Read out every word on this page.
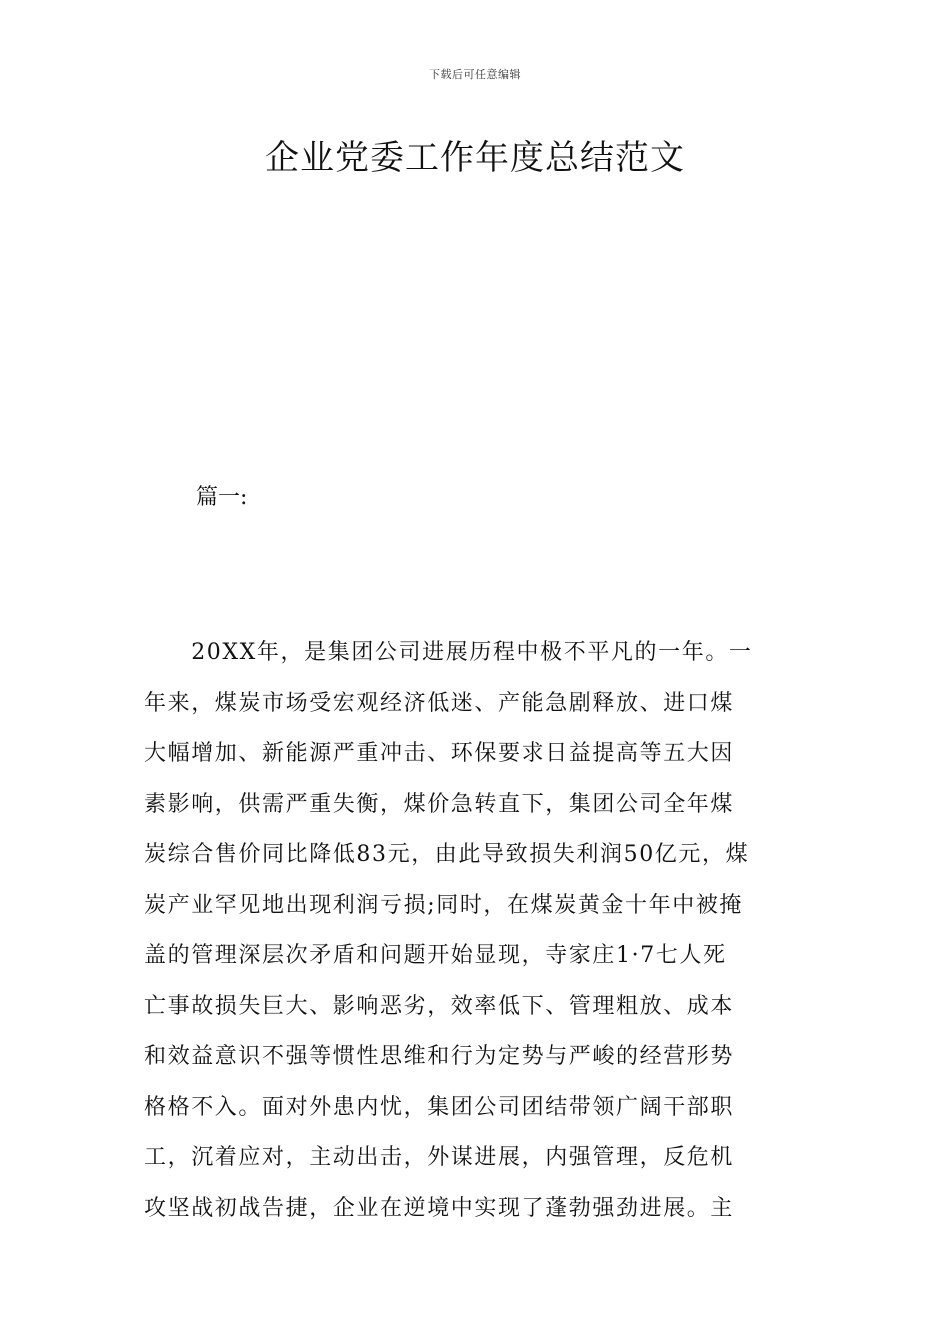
下载后可任意编辑
企业党委工作年度总结范文
篇一:
　　20XX年，是集团公司进展历程中极不平凡的一年。一
年来，煤炭市场受宏观经济低迷、产能急剧释放、进口煤
大幅增加、新能源严重冲击、环保要求日益提高等五大因
素影响，供需严重失衡，煤价急转直下，集团公司全年煤
炭综合售价同比降低83元，由此导致损失利润50亿元，煤
炭产业罕见地出现利润亏损;同时，在煤炭黄金十年中被掩
盖的管理深层次矛盾和问题开始显现，寺家庄1·7七人死
亡事故损失巨大、影响恶劣，效率低下、管理粗放、成本
和效益意识不强等惯性思维和行为定势与严峻的经营形势
格格不入。面对外患内忧，集团公司团结带领广阔干部职
工，沉着应对，主动出击，外谋进展，内强管理，反危机
攻坚战初战告捷，企业在逆境中实现了蓬勃强劲进展。主
